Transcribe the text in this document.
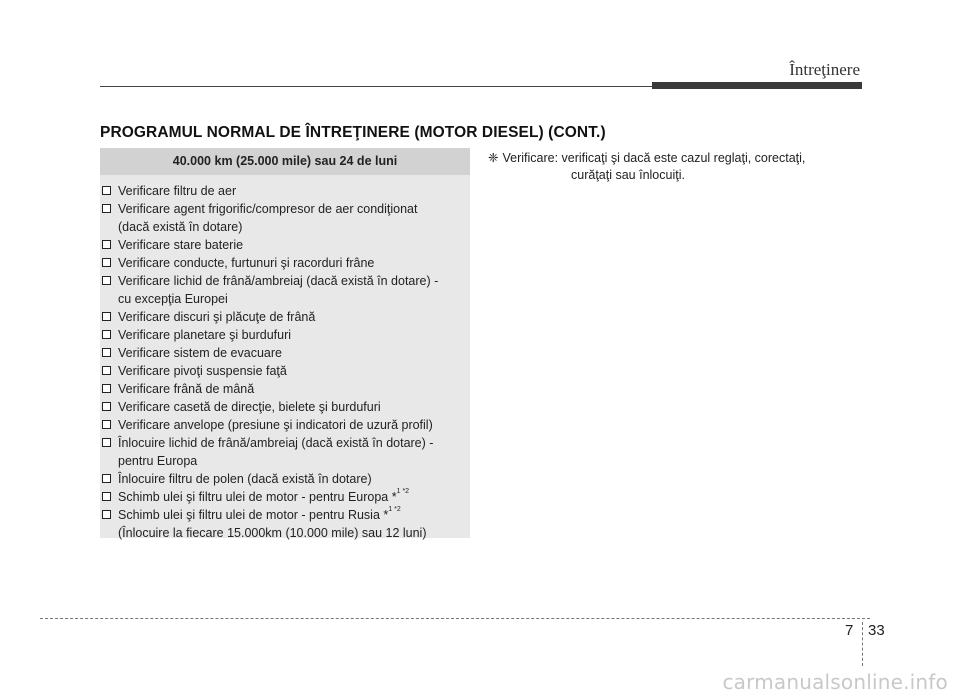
Întreţinere
PROGRAMUL NORMAL DE ÎNTREŢINERE (MOTOR DIESEL) (CONT.)
40.000 km (25.000 mile) sau 24 de luni
Verificare filtru de aer
Verificare agent frigorific/compresor de aer condiţionat
(dacă există în dotare)
Verificare stare baterie
Verificare conducte, furtunuri şi racorduri frâne
Verificare lichid de frână/ambreiaj (dacă există în dotare) -
cu excepţia Europei
Verificare discuri şi plăcuţe de frână
Verificare planetare şi burdufuri
Verificare sistem de evacuare
Verificare pivoţi suspensie faţă
Verificare frână de mână
Verificare casetă de direcţie, bielete şi burdufuri
Verificare anvelope (presiune şi indicatori de uzură profil)
Înlocuire lichid de frână/ambreiaj (dacă există în dotare) -
pentru Europa
Înlocuire filtru de polen (dacă există în dotare)
Schimb ulei şi filtru ulei de motor - pentru Europa *$^{1 *2}$
Schimb ulei şi filtru ulei de motor - pentru Rusia *$^{1 *2}$
(Înlocuire la fiecare 15.000km (10.000 mile) sau 12 luni)
❈ Verificare: verificaţi şi dacă este cazul reglaţi, corectaţi,
curăţaţi sau înlocuiţi.
7 33
carmanualsonline.info
